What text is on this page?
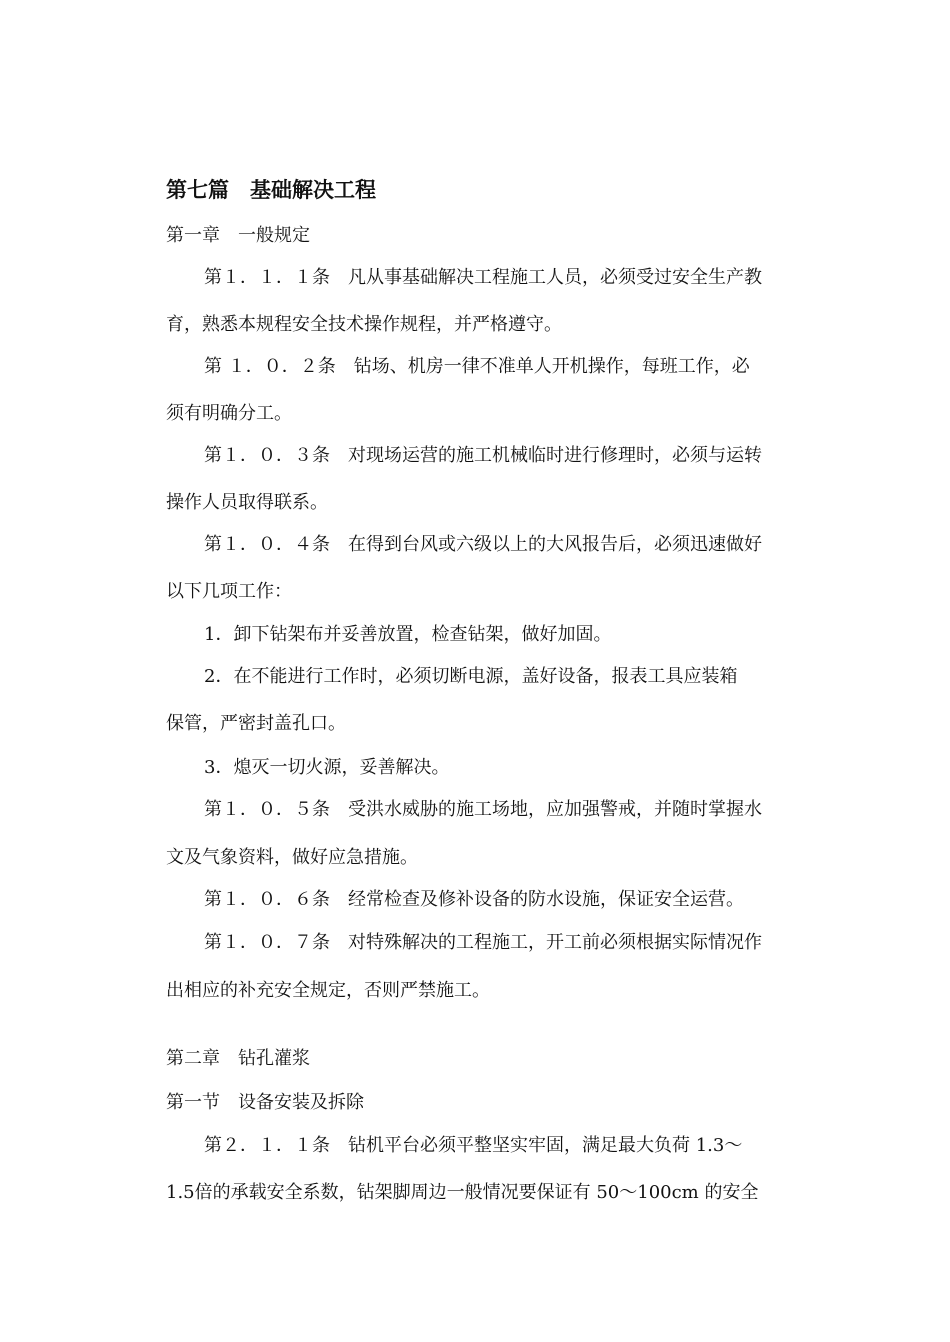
第七篇　基础解决工程
第一章　一般规定
第１．１．１条　凡从事基础解决工程施工人员，必须受过安全生产教
育，熟悉本规程安全技术操作规程，并严格遵守。
第 １．０．２条　钻场、机房一律不准单人开机操作，每班工作，必
须有明确分工。
第１．０．３条　对现场运营的施工机械临时进行修理时，必须与运转
操作人员取得联系。
第１．０．４条　在得到台风或六级以上的大风报告后，必须迅速做好
以下几项工作：
1．卸下钻架布并妥善放置，检查钻架，做好加固。
2．在不能进行工作时，必须切断电源，盖好设备，报表工具应装箱
保管，严密封盖孔口。
3．熄灭一切火源，妥善解决。
第１．０．５条　受洪水威胁的施工场地，应加强警戒，并随时掌握水
文及气象资料，做好应急措施。
第１．０．６条　经常检查及修补设备的防水设施，保证安全运营。
第１．０．７条　对特殊解决的工程施工，开工前必须根据实际情况作
出相应的补充安全规定，否则严禁施工。
第二章　钻孔灌浆
第一节　设备安装及拆除
第２．１．１条　钻机平台必须平整坚实牢固，满足最大负荷 1.3～
1.5倍的承载安全系数，钻架脚周边一般情况要保证有 50～100cm 的安全
